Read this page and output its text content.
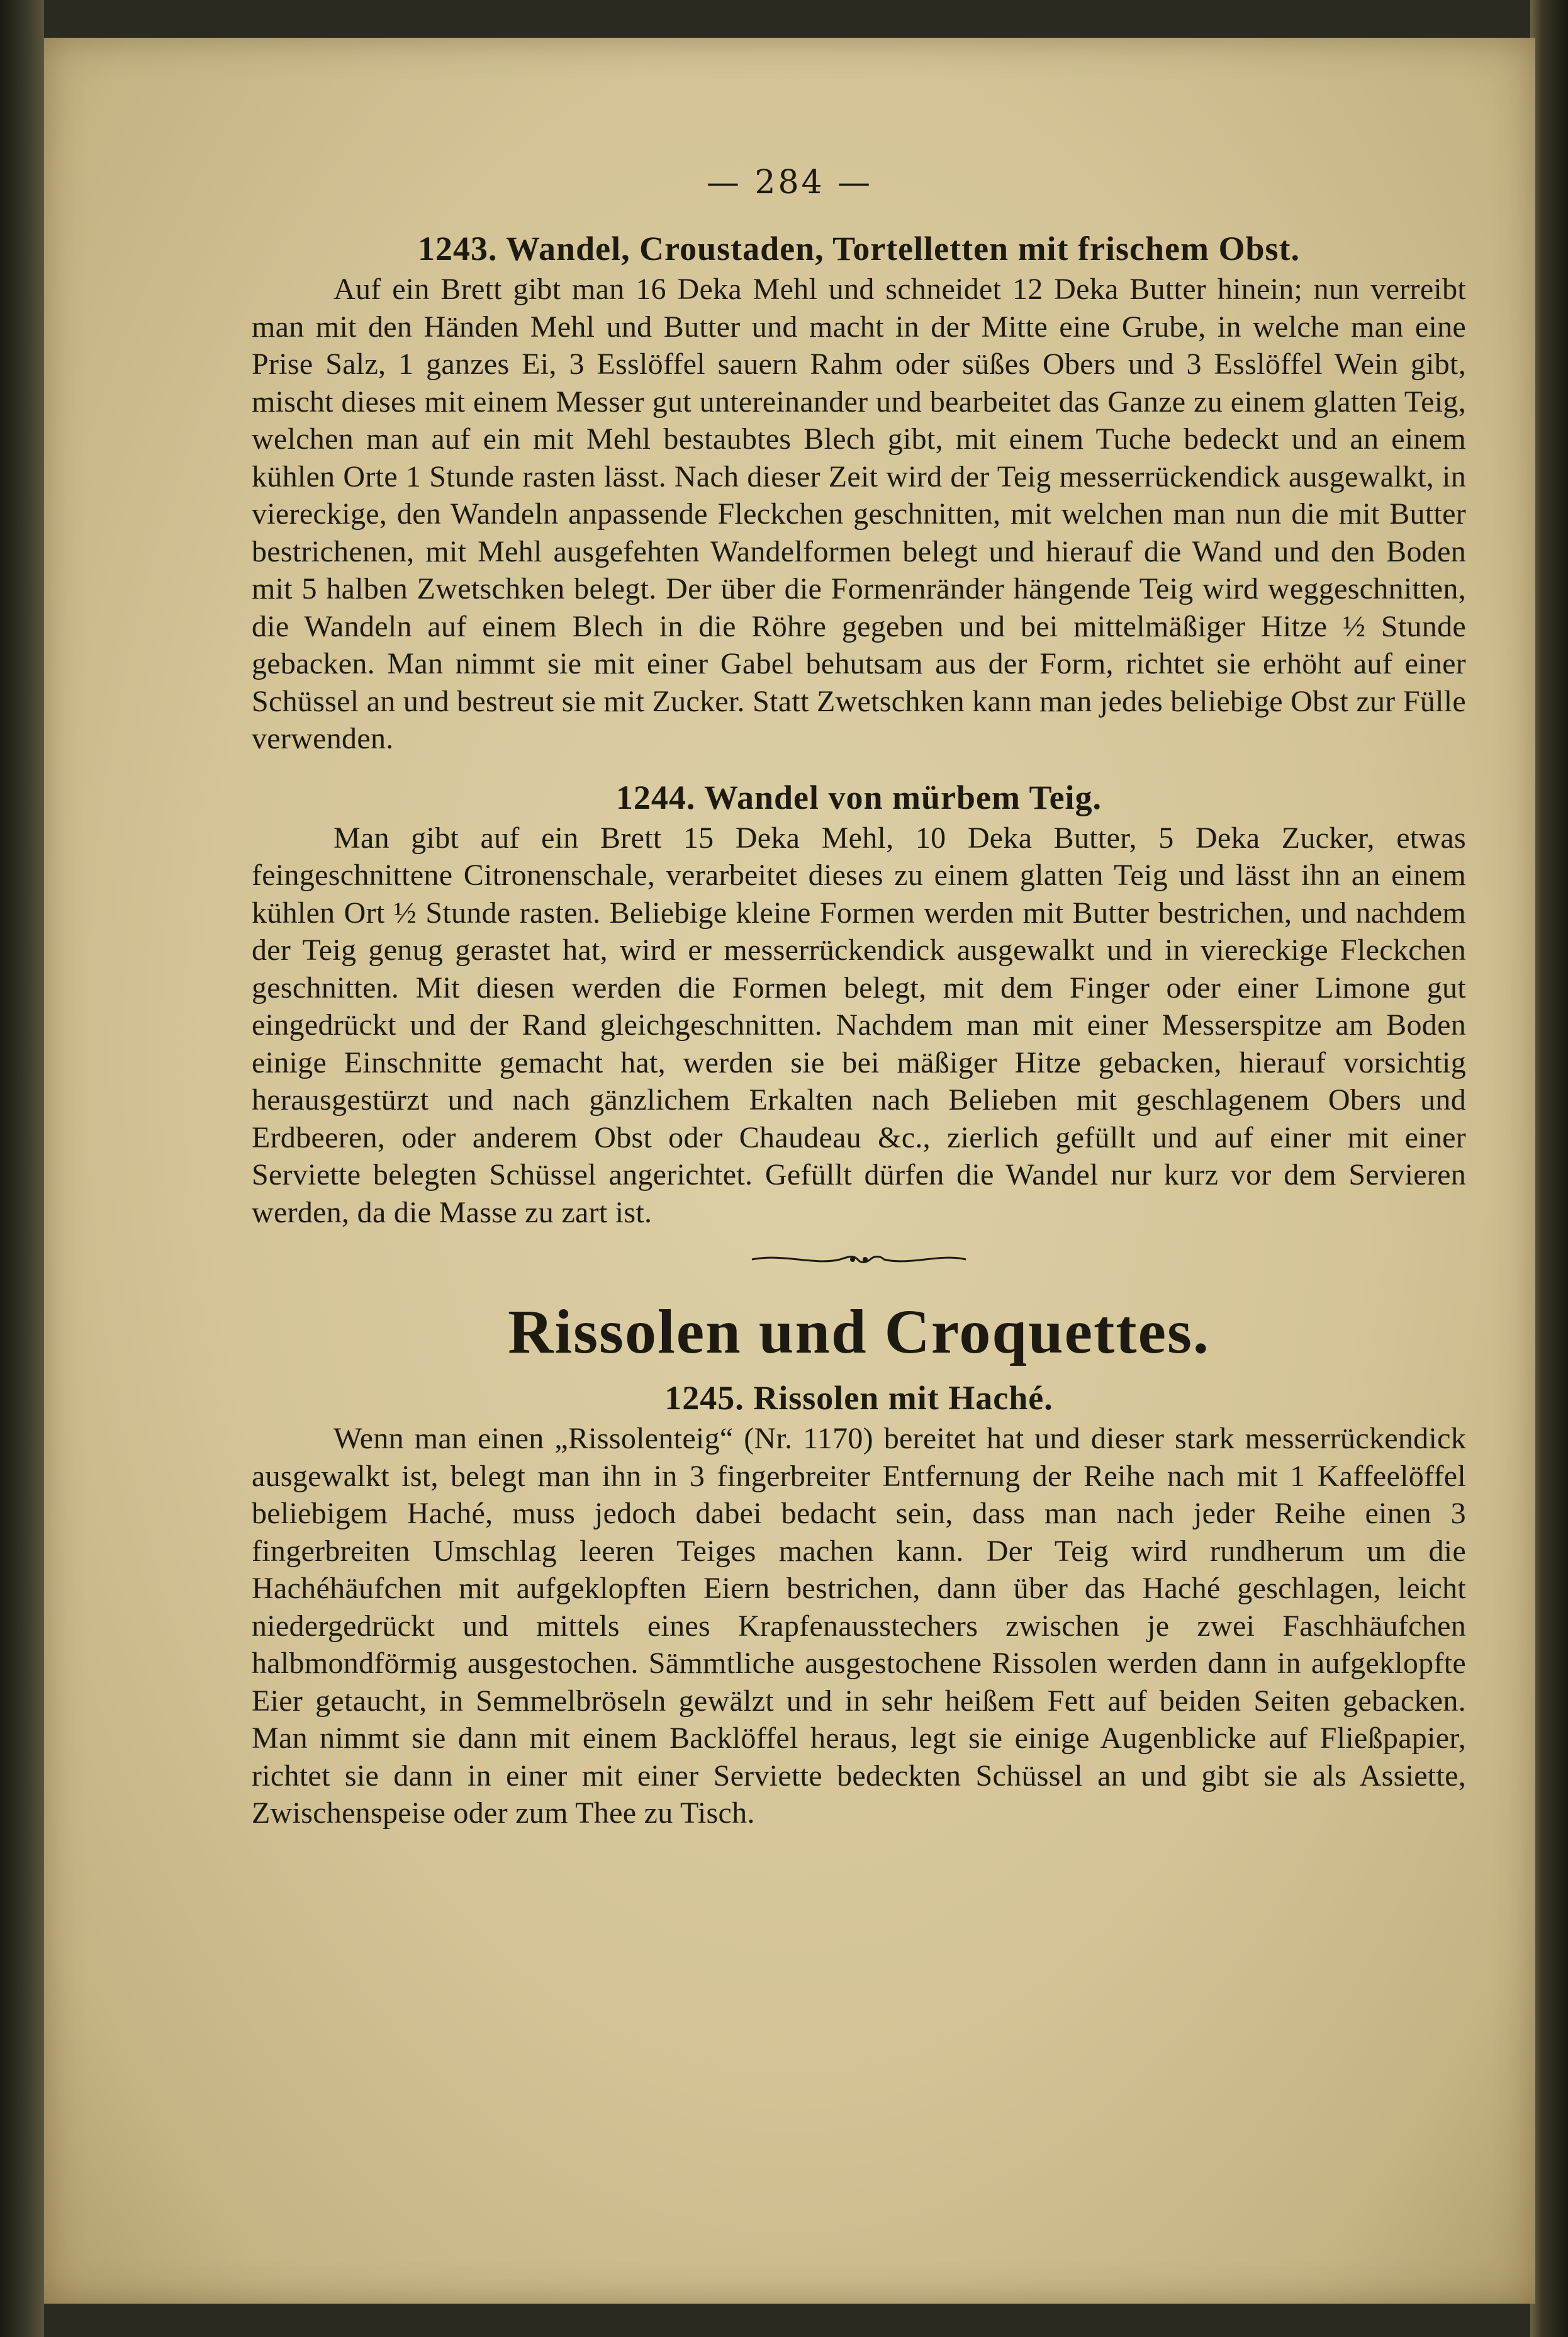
— 284 —
1243. Wandel, Croustaden, Tortelletten mit frischem Obst.

Auf ein Brett gibt man 16 Deka Mehl und schneidet 12 Deka Butter hinein; nun verreibt man mit den Händen Mehl und Butter und macht in der Mitte eine Grube, in welche man eine Prise Salz, 1 ganzes Ei, 3 Esslöffel sauern Rahm oder süßes Obers und 3 Esslöffel Wein gibt, mischt dieses mit einem Messer gut untereinander und bearbeitet das Ganze zu einem glatten Teig, welchen man auf ein mit Mehl bestaubtes Blech gibt, mit einem Tuche bedeckt und an einem kühlen Orte 1 Stunde rasten lässt. Nach dieser Zeit wird der Teig messerrückendick ausgewalkt, in viereckige, den Wandeln anpassende Fleckchen geschnitten, mit welchen man nun die mit Butter bestrichenen, mit Mehl ausgefehten Wandelformen belegt und hierauf die Wand und den Boden mit 5 halben Zwetschken belegt. Der über die Formenränder hängende Teig wird weggeschnitten, die Wandeln auf einem Blech in die Röhre gegeben und bei mittelmäßiger Hitze ½ Stunde gebacken. Man nimmt sie mit einer Gabel behutsam aus der Form, richtet sie erhöht auf einer Schüssel an und bestreut sie mit Zucker. Statt Zwetschken kann man jedes beliebige Obst zur Fülle verwenden.

1244. Wandel von mürbem Teig.

Man gibt auf ein Brett 15 Deka Mehl, 10 Deka Butter, 5 Deka Zucker, etwas feingeschnittene Citronenschale, verarbeitet dieses zu einem glatten Teig und lässt ihn an einem kühlen Ort ½ Stunde rasten. Beliebige kleine Formen werden mit Butter bestrichen, und nachdem der Teig genug gerastet hat, wird er messerrückendick ausgewalkt und in viereckige Fleckchen geschnitten. Mit diesen werden die Formen belegt, mit dem Finger oder einer Limone gut eingedrückt und der Rand gleichgeschnitten. Nachdem man mit einer Messerspitze am Boden einige Einschnitte gemacht hat, werden sie bei mäßiger Hitze gebacken, hierauf vorsichtig herausgestürzt und nach gänzlichem Erkalten nach Belieben mit geschlagenem Obers und Erdbeeren, oder anderem Obst oder Chaudeau &c., zierlich gefüllt und auf einer mit einer Serviette belegten Schüssel angerichtet. Gefüllt dürfen die Wandel nur kurz vor dem Servieren werden, da die Masse zu zart ist.

Rissolen und Croquettes.
1245. Rissolen mit Haché.

Wenn man einen „Rissolenteig“ (Nr. 1170) bereitet hat und dieser stark messerrückendick ausgewalkt ist, belegt man ihn in 3 fingerbreiter Entfernung der Reihe nach mit 1 Kaffeelöffel beliebigem Haché, muss jedoch dabei bedacht sein, dass man nach jeder Reihe einen 3 fingerbreiten Umschlag leeren Teiges machen kann. Der Teig wird rundherum um die Hachéhäufchen mit aufgeklopften Eiern bestrichen, dann über das Haché geschlagen, leicht niedergedrückt und mittels eines Krapfenausstechers zwischen je zwei Faschhäufchen halbmondförmig ausgestochen. Sämmtliche ausgestochene Rissolen werden dann in aufgeklopfte Eier getaucht, in Semmelbröseln gewälzt und in sehr heißem Fett auf beiden Seiten gebacken. Man nimmt sie dann mit einem Backlöffel heraus, legt sie einige Augenblicke auf Fließpapier, richtet sie dann in einer mit einer Serviette bedeckten Schüssel an und gibt sie als Assiette, Zwischenspeise oder zum Thee zu Tisch.
